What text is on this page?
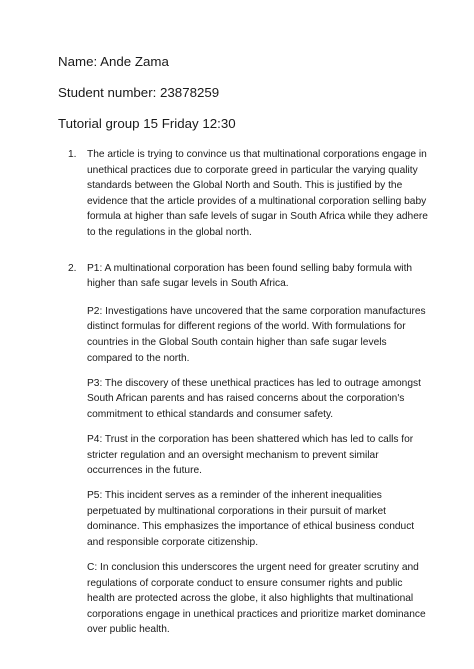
Name: Ande Zama
Student number: 23878259
Tutorial group 15 Friday 12:30
1. The article is trying to convince us that multinational corporations engage in unethical practices due to corporate greed in particular the varying quality standards between the Global North and South. This is justified by the evidence that the article provides of a multinational corporation selling baby formula at higher than safe levels of sugar in South Africa while they adhere to the regulations in the global north.

2. P1: A multinational corporation has been found selling baby formula with higher than safe sugar levels in South Africa.

P2: Investigations have uncovered that the same corporation manufactures distinct formulas for different regions of the world. With formulations for countries in the Global South contain higher than safe sugar levels compared to the north.

P3: The discovery of these unethical practices has led to outrage amongst South African parents and has raised concerns about the corporation's commitment to ethical standards and consumer safety.

P4: Trust in the corporation has been shattered which has led to calls for stricter regulation and an oversight mechanism to prevent similar occurrences in the future.

P5: This incident serves as a reminder of the inherent inequalities perpetuated by multinational corporations in their pursuit of market dominance. This emphasizes the importance of ethical business conduct and responsible corporate citizenship.

C: In conclusion this underscores the urgent need for greater scrutiny and regulations of corporate conduct to ensure consumer rights and public health are protected across the globe, it also highlights that multinational corporations engage in unethical practices and prioritize market dominance over public health.
